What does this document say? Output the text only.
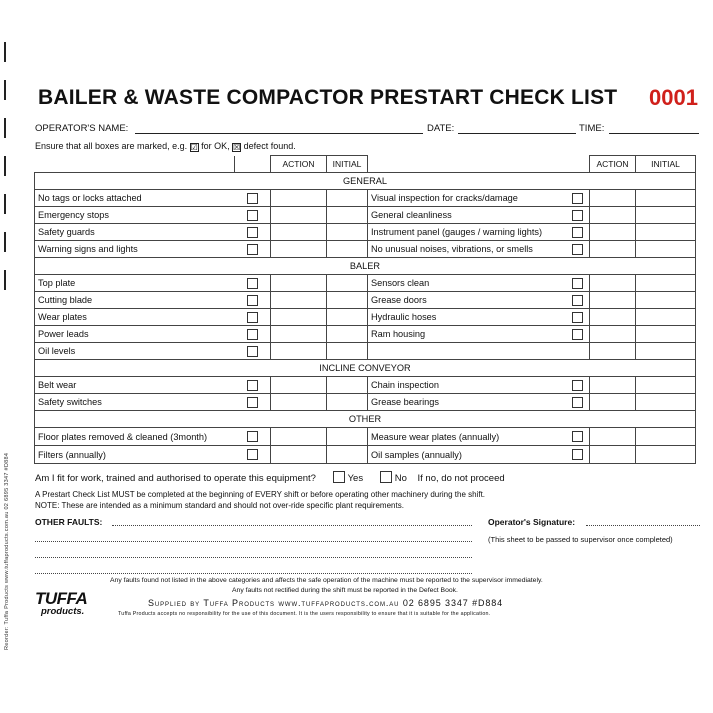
Reorder: Tuffa Products www.tuffaproducts.com.au 02 6895 3347 #D884
BAILER & WASTE COMPACTOR PRESTART CHECK LIST 0001
OPERATOR'S NAME:	DATE:	TIME:
Ensure that all boxes are marked, e.g. ☑ for OK, ☒ defect found.
		ACTION	INITIAL		ACTION	INITIAL
GENERAL						
No tags or locks attached				Visual inspection for cracks/damage

Emergency stops				General cleanliness

Safety guards				Instrument panel (gauges / warning lights)

Warning signs and lights				No unusual noises, vibrations, or smells

BALER						
Top plate				Sensors clean

Cutting blade				Grease doors

Wear plates				Hydraulic hoses

Power leads				Ram housing

Oil levels						
INCLINE CONVEYOR						
Belt wear				Chain inspection

Safety switches				Grease bearings

OTHER						
Floor plates removed & cleaned (3month)				Measure wear plates (annually)

Filters (annually)				Oil samples (annually)

Am I fit for work, trained and authorised to operate this equipment?	Yes	No If no, do not proceed
A Prestart Check List MUST be completed at the beginning of EVERY shift or before operating other machinery during the shift.
NOTE: These are intended as a minimum standard and should not over-ride specific plant requirements.
OTHER FAULTS:	Operator's Signature:
(This sheet to be passed to supervisor once completed)
Any faults found not listed in the above categories and affects the safe operation of the machine must be reported to the supervisor immediately.
Any faults not rectified during the shift must be reported in the Defect Book.
TUFFA
products.
Supplied by Tuffa Products www.tuffaproducts.com.au 02 6895 3347 #D884
Tuffa Products accepts no responsibility for the use of this document. It is the users responsibility to ensure that it is suitable for the application.
